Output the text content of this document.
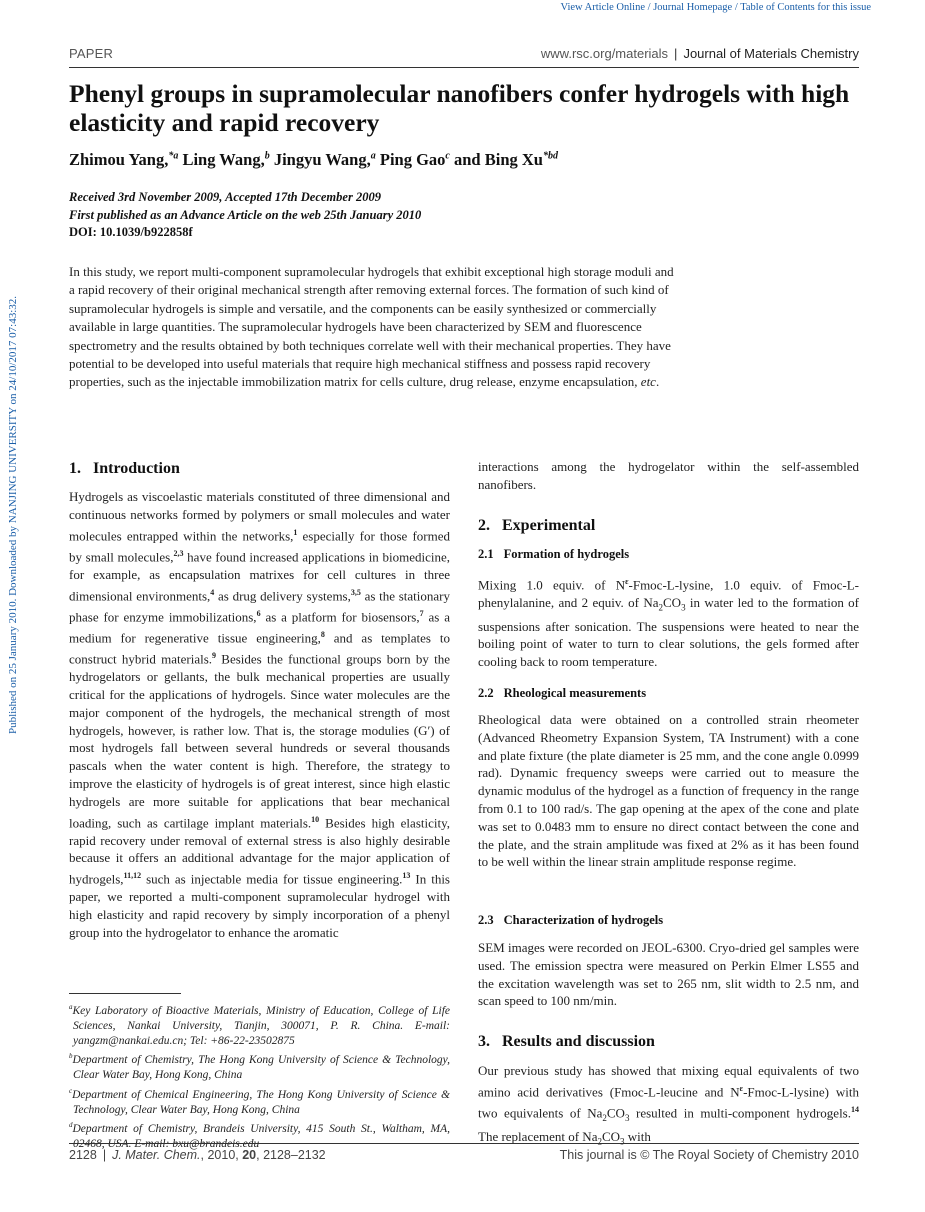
View Article Online / Journal Homepage / Table of Contents for this issue
PAPER	www.rsc.org/materials | Journal of Materials Chemistry
Published on 25 January 2010. Downloaded by NANJING UNIVERSITY on 24/10/2017 07:43:32.
Phenyl groups in supramolecular nanofibers confer hydrogels with high elasticity and rapid recovery
Zhimou Yang,$^{*a}$ Ling Wang,$^b$ Jingyu Wang,$^a$ Ping Gao$^c$ and Bing $Xu^{*bd}$
Received 3rd November 2009, Accepted 17th December 2009
First published as an Advance Article on the web 25th January 2010
DOI: 10.1039/b922858f
In this study, we report multi-component supramolecular hydrogels that exhibit exceptional high storage moduli and a rapid recovery of their original mechanical strength after removing external forces. The formation of such kind of supramolecular hydrogels is simple and versatile, and the components can be easily synthesized or commercially available in large quantities. The supramolecular hydrogels have been characterized by SEM and fluorescence spectrometry and the results obtained by both techniques correlate well with their mechanical properties. They have potential to be developed into useful materials that require high mechanical stiffness and possess rapid recovery properties, such as the injectable immobilization matrix for cells culture, drug release, enzyme encapsulation, etc.
1. Introduction
Hydrogels as viscoelastic materials constituted of three dimensional and continuous networks formed by polymers or small molecules and water molecules entrapped within the networks,$^1$ especially for those formed by small molecules,$^{2,3}$ have found increased applications in biomedicine, for example, as encapsulation matrixes for cell cultures in three dimensional environments,$^4$ as drug delivery systems,$^{3,5}$ as the stationary phase for enzyme immobilizations,$^6$ as a platform for biosensors,$^7$ as a medium for regenerative tissue engineering,$^8$ and as templates to construct hybrid materials.$^9$ Besides the functional groups born by the hydrogelators or gellants, the bulk mechanical properties are usually critical for the applications of hydrogels. Since water molecules are the major component of the hydrogels, the mechanical strength of most hydrogels, however, is rather low. That is, the storage modulies (G′) of most hydrogels fall between several hundreds or several thousands pascals when the water content is high. Therefore, the strategy to improve the elasticity of hydrogels is of great interest, since high elastic hydrogels are more suitable for applications that bear mechanical loading, such as cartilage implant materials.$^{10}$ Besides high elasticity, rapid recovery under removal of external stress is also highly desirable because it offers an additional advantage for the major application of hydrogels,$^{11,12}$ such as injectable media for tissue engineering.$^{13}$ In this paper, we reported a multi-component supramolecular hydrogel with high elasticity and rapid recovery by simply incorporation of a phenyl group into the hydrogelator to enhance the aromatic

$^a$Key Laboratory of Bioactive Materials, Ministry of Education, College of Life Sciences, Nankai University, Tianjin, 300071, P. R. China. E-mail: yangzm@nankai.edu.cn; Tel: +86-22-23502875

$^b$Department of Chemistry, The Hong Kong University of Science & Technology, Clear Water Bay, Hong Kong, China

$^c$Department of Chemical Engineering, The Hong Kong University of Science & Technology, Clear Water Bay, Hong Kong, China

$^d$Department of Chemistry, Brandeis University, 415 South St., Waltham, MA, 02468, USA. E-mail: bxu@brandeis.edu

interactions among the hydrogelator within the self-assembled nanofibers.
2. Experimental
2.1 Formation of hydrogels
Mixing 1.0 equiv. of $N^\varepsilon-Fmoc-L$-lysine, 1.0 equiv. of Fmoc-L-phenylalanine, and 2 equiv. of $Na_2CO_3$ in water led to the formation of suspensions after sonication. The suspensions were heated to near the boiling point of water to turn to clear solutions, the gels formed after cooling back to room temperature.
2.2 Rheological measurements
Rheological data were obtained on a controlled strain rheometer (Advanced Rheometry Expansion System, TA Instrument) with a cone and plate fixture (the plate diameter is 25 mm, and the cone angle 0.0999 rad). Dynamic frequency sweeps were carried out to measure the dynamic modulus of the hydrogel as a function of frequency in the range from 0.1 to 100 rad/s. The gap opening at the apex of the cone and plate was set to 0.0483 mm to ensure no direct contact between the cone and the plate, and the strain amplitude was fixed at 2% as it has been found to be well within the linear strain amplitude response regime.
2.3 Characterization of hydrogels
SEM images were recorded on JEOL-6300. Cryo-dried gel samples were used. The emission spectra were measured on Perkin Elmer LS55 and the excitation wavelength was set to 265 nm, slit width to 2.5 nm, and scan speed to 100 nm/min.
3. Results and discussion
Our previous study has showed that mixing equal equivalents of two amino acid derivatives (Fmoc-L-leucine and $N^\varepsilon-Fmoc-L-lysine$) with two equivalents of $Na_2CO_3$ resulted in multi-component hydrogels.$^{14}$ The replacement of $Na_2CO_3$ with
2128 | J. Mater. Chem., 2010, 20, 2128–2132	This journal is © The Royal Society of Chemistry 2010
